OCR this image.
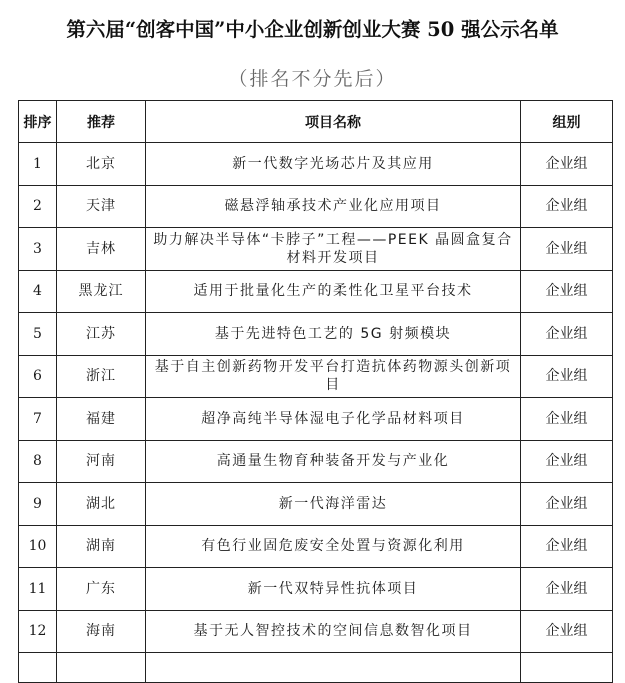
第六届“创客中国”中小企业创新创业大赛 50 强公示名单
（排名不分先后）
排序	推荐	项目名称	组别
1	北京	新一代数字光场芯片及其应用	企业组
2	天津	磁悬浮轴承技术产业化应用项目	企业组
3	吉林	助力解决半导体“卡脖子”工程——PEEK 晶圆盒复合材料开发项目	企业组
4	黑龙江	适用于批量化生产的柔性化卫星平台技术	企业组
5	江苏	基于先进特色工艺的 5G 射频模块	企业组
6	浙江	基于自主创新药物开发平台打造抗体药物源头创新项目	企业组
7	福建	超净高纯半导体湿电子化学品材料项目	企业组
8	河南	高通量生物育种装备开发与产业化	企业组
9	湖北	新一代海洋雷达	企业组
10	湖南	有色行业固危废安全处置与资源化利用	企业组
11	广东	新一代双特异性抗体项目	企业组
12	海南	基于无人智控技术的空间信息数智化项目	企业组
